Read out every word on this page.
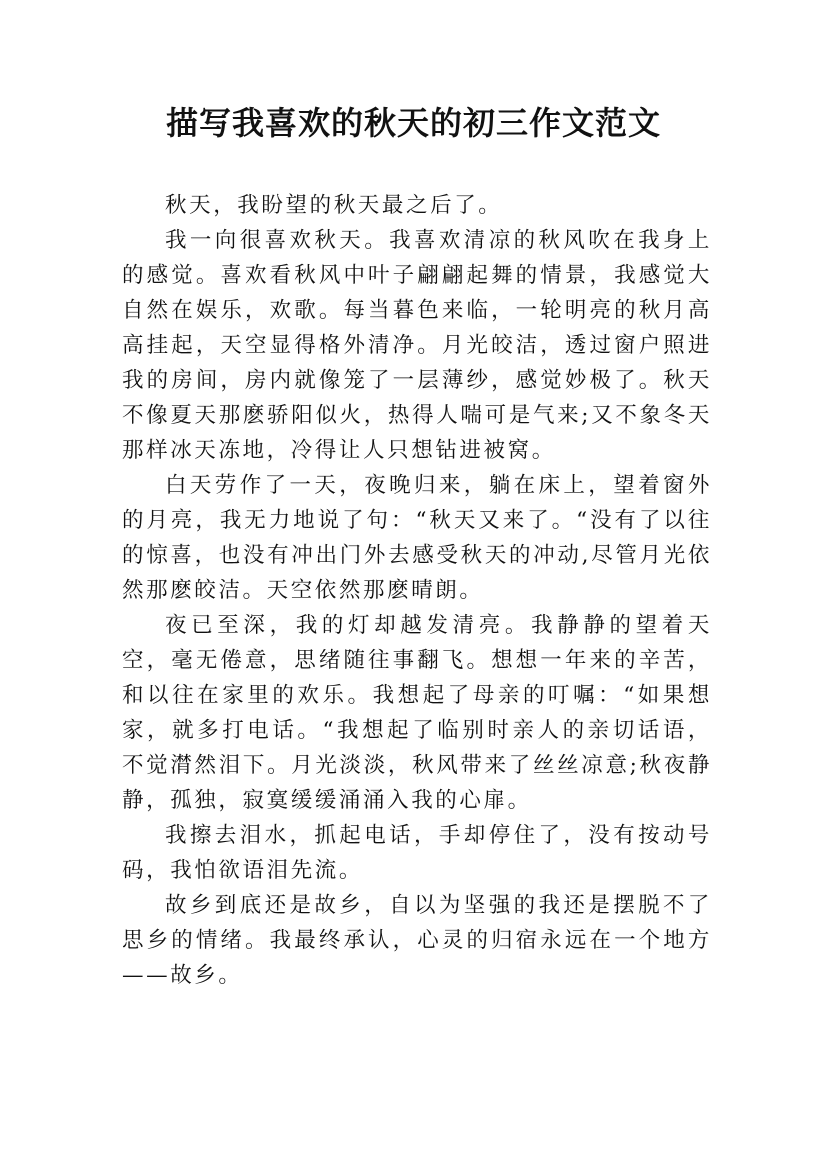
描写我喜欢的秋天的初三作文范文

秋天，我盼望的秋天最之后了。

我一向很喜欢秋天。我喜欢清凉的秋风吹在我身上的感觉。喜欢看秋风中叶子翩翩起舞的情景，我感觉大自然在娱乐，欢歌。每当暮色来临，一轮明亮的秋月高高挂起，天空显得格外清净。月光皎洁，透过窗户照进我的房间，房内就像笼了一层薄纱，感觉妙极了。秋天不像夏天那麽骄阳似火，热得人喘可是气来;又不象冬天那样冰天冻地，冷得让人只想钻进被窝。

白天劳作了一天，夜晚归来，躺在床上，望着窗外的月亮，我无力地说了句：“秋天又来了。“没有了以往的惊喜，也没有冲出门外去感受秋天的冲动,尽管月光依然那麽皎洁。天空依然那麽晴朗。

夜已至深，我的灯却越发清亮。我静静的望着天空，毫无倦意，思绪随往事翻飞。想想一年来的辛苦，和以往在家里的欢乐。我想起了母亲的叮嘱：“如果想家，就多打电话。“我想起了临别时亲人的亲切话语，不觉潸然泪下。月光淡淡，秋风带来了丝丝凉意;秋夜静静，孤独，寂寞缓缓涌涌入我的心扉。

我擦去泪水，抓起电话，手却停住了，没有按动号码，我怕欲语泪先流。

故乡到底还是故乡，自以为坚强的我还是摆脱不了思乡的情绪。我最终承认，心灵的归宿永远在一个地方——故乡。
